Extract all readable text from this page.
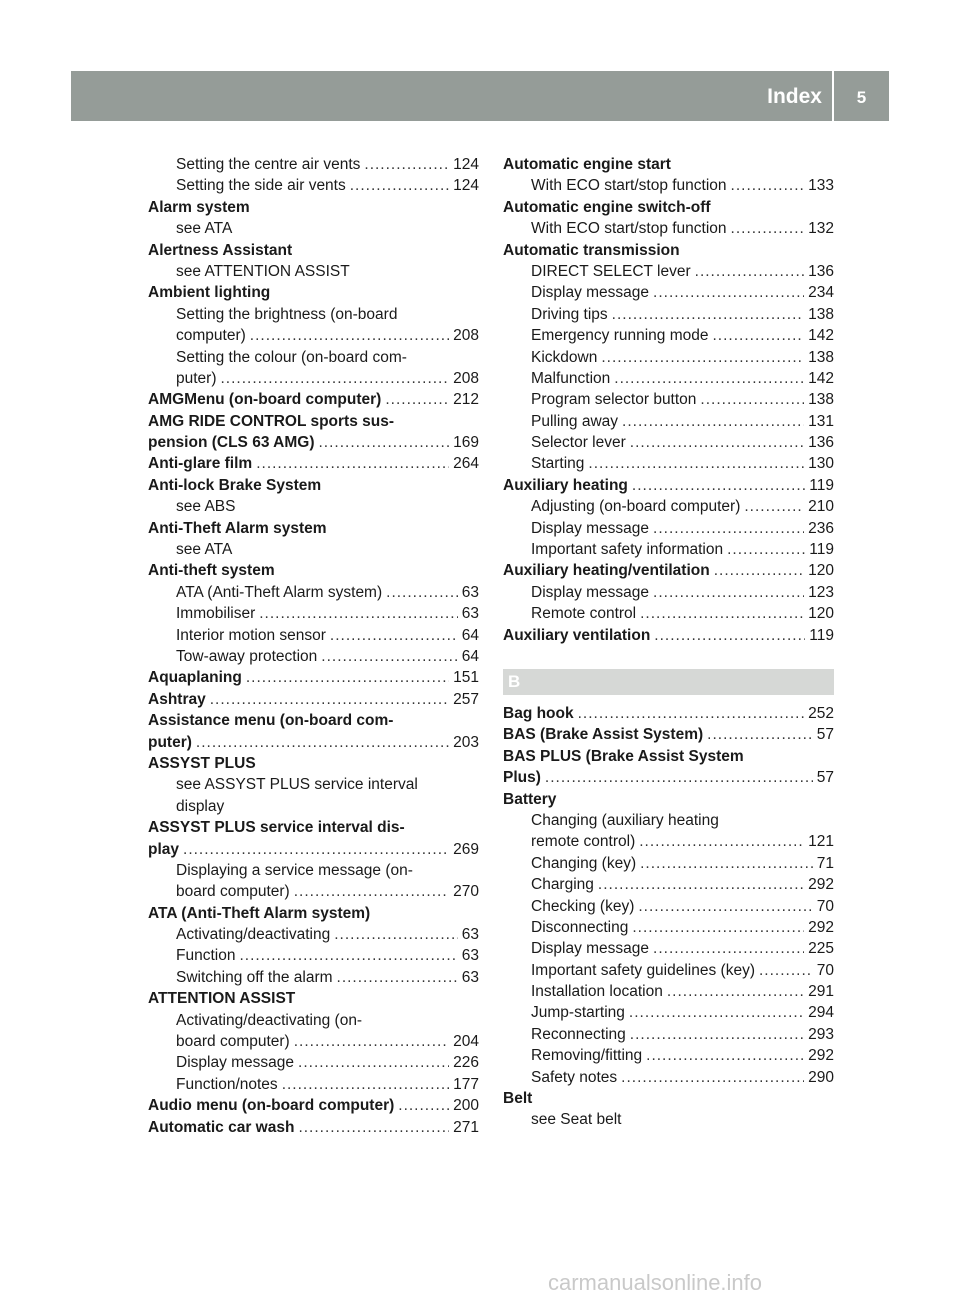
Index	5
Setting the centre air vents .....	124
Setting the side air vents .....	124
Alarm system
see ATA
Alertness Assistant
see ATTENTION ASSIST
Ambient lighting
Setting the brightness (on-board
computer) .....	208
Setting the colour (on-board com-
puter) .....	208
AMGMenu (on-board computer) .....	212
AMG RIDE CONTROL sports sus-
pension (CLS 63 AMG) .....	169
Anti-glare film .....	264
Anti-lock Brake System
see ABS
Anti-Theft Alarm system
see ATA
Anti-theft system
ATA (Anti-Theft Alarm system) .....	63
Immobiliser .....	63
Interior motion sensor .....	64
Tow-away protection .....	64
Aquaplaning .....	151
Ashtray .....	257
Assistance menu (on-board com-
puter) .....	203
ASSYST PLUS
see ASSYST PLUS service interval
display
ASSYST PLUS service interval dis-
play .....	269
Displaying a service message (on-
board computer) .....	270
ATA (Anti-Theft Alarm system)
Activating/deactivating .....	63
Function .....	63
Switching off the alarm .....	63
ATTENTION ASSIST
Activating/deactivating (on-
board computer) .....	204
Display message .....	226
Function/notes .....	177
Audio menu (on-board computer) .....	200
Automatic car wash .....	271
Automatic engine start
With ECO start/stop function .....	133
Automatic engine switch-off
With ECO start/stop function .....	132
Automatic transmission
DIRECT SELECT lever .....	136
Display message .....	234
Driving tips .....	138
Emergency running mode .....	142
Kickdown .....	138
Malfunction .....	142
Program selector button .....	138
Pulling away .....	131
Selector lever .....	136
Starting .....	130
Auxiliary heating .....	119
Adjusting (on-board computer) .....	210
Display message .....	236
Important safety information .....	119
Auxiliary heating/ventilation .....	120
Display message .....	123
Remote control .....	120
Auxiliary ventilation .....	119
B
Bag hook .....	252
BAS (Brake Assist System) .....	57
BAS PLUS (Brake Assist System
Plus) .....	57
Battery
Changing (auxiliary heating
remote control) .....	121
Changing (key) .....	71
Charging .....	292
Checking (key) .....	70
Disconnecting .....	292
Display message .....	225
Important safety guidelines (key) .....	70
Installation location .....	291
Jump-starting .....	294
Reconnecting .....	293
Removing/fitting .....	292
Safety notes .....	290
Belt
see Seat belt
carmanualsonline.info
